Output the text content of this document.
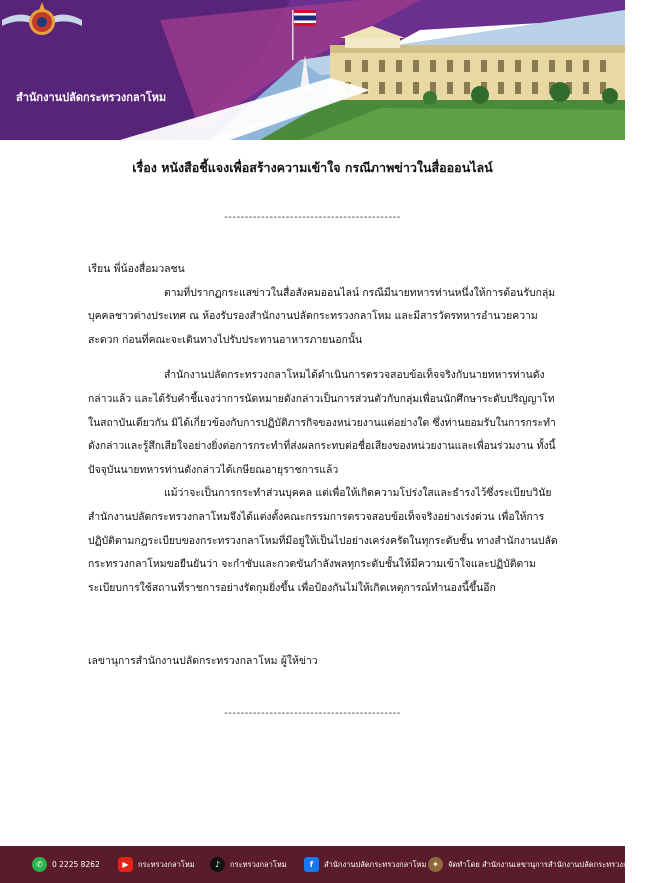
สำนักงานปลัดกระทรวงกลาโหม
เรื่อง หนังสือชี้แจงเพื่อสร้างความเข้าใจ กรณีภาพข่าวในสื่อออนไลน์
-------------------------------------------

เรียน พี่น้องสื่อมวลชน

ตามที่ปรากฏกระแสข่าวในสื่อสังคมออนไลน์ กรณีมีนายทหารท่านหนึ่งให้การต้อนรับกลุ่มบุคคลชาวต่างประเทศ ณ ห้องรับรองสำนักงานปลัดกระทรวงกลาโหม และมีสารวัตรทหารอำนวยความสะดวก ก่อนที่คณะจะเดินทางไปรับประทานอาหารภายนอกนั้น

สำนักงานปลัดกระทรวงกลาโหมได้ดำเนินการตรวจสอบข้อเท็จจริงกับนายทหารท่านดังกล่าวแล้ว และได้รับคำชี้แจงว่าการนัดหมายดังกล่าวเป็นการส่วนตัวกับกลุ่มเพื่อนนักศึกษาระดับปริญญาโทในสถาบันเดียวกัน มิได้เกี่ยวข้องกับการปฏิบัติภารกิจของหน่วยงานแต่อย่างใด ซึ่งท่านยอมรับในการกระทำดังกล่าวและรู้สึกเสียใจอย่างยิ่งต่อการกระทำที่ส่งผลกระทบต่อชื่อเสียงของหน่วยงานและเพื่อนร่วมงาน ทั้งนี้ ปัจจุบันนายทหารท่านดังกล่าวได้เกษียณอายุราชการแล้ว

แม้ว่าจะเป็นการกระทำส่วนบุคคล แต่เพื่อให้เกิดความโปร่งใสและธำรงไว้ซึ่งระเบียบวินัย สำนักงานปลัดกระทรวงกลาโหมจึงได้แต่งตั้งคณะกรรมการตรวจสอบข้อเท็จจริงอย่างเร่งด่วน เพื่อให้การปฏิบัติตามกฎระเบียบของกระทรวงกลาโหมที่มีอยู่ให้เป็นไปอย่างเคร่งครัดในทุกระดับชั้น ทางสำนักงานปลัดกระทรวงกลาโหมขอยืนยันว่า จะกำชับและกวดขันกำลังพลทุกระดับชั้นให้มีความเข้าใจและปฏิบัติตามระเบียบการใช้สถานที่ราชการอย่างรัดกุมยิ่งขึ้น เพื่อป้องกันไม่ให้เกิดเหตุการณ์ทำนองนี้ขึ้นอีก

เลขานุการสำนักงานปลัดกระทรวงกลาโหม ผู้ให้ข่าว
-------------------------------------------
✆	0 2225 8262	▶	กระทรวงกลาโหม	♪	กระทรวงกลาโหม	f	สำนักงานปลัดกระทรวงกลาโหม ✦	จัดทำโดย สำนักงานเลขานุการสำนักงานปลัดกระทรวงกลาโหม
